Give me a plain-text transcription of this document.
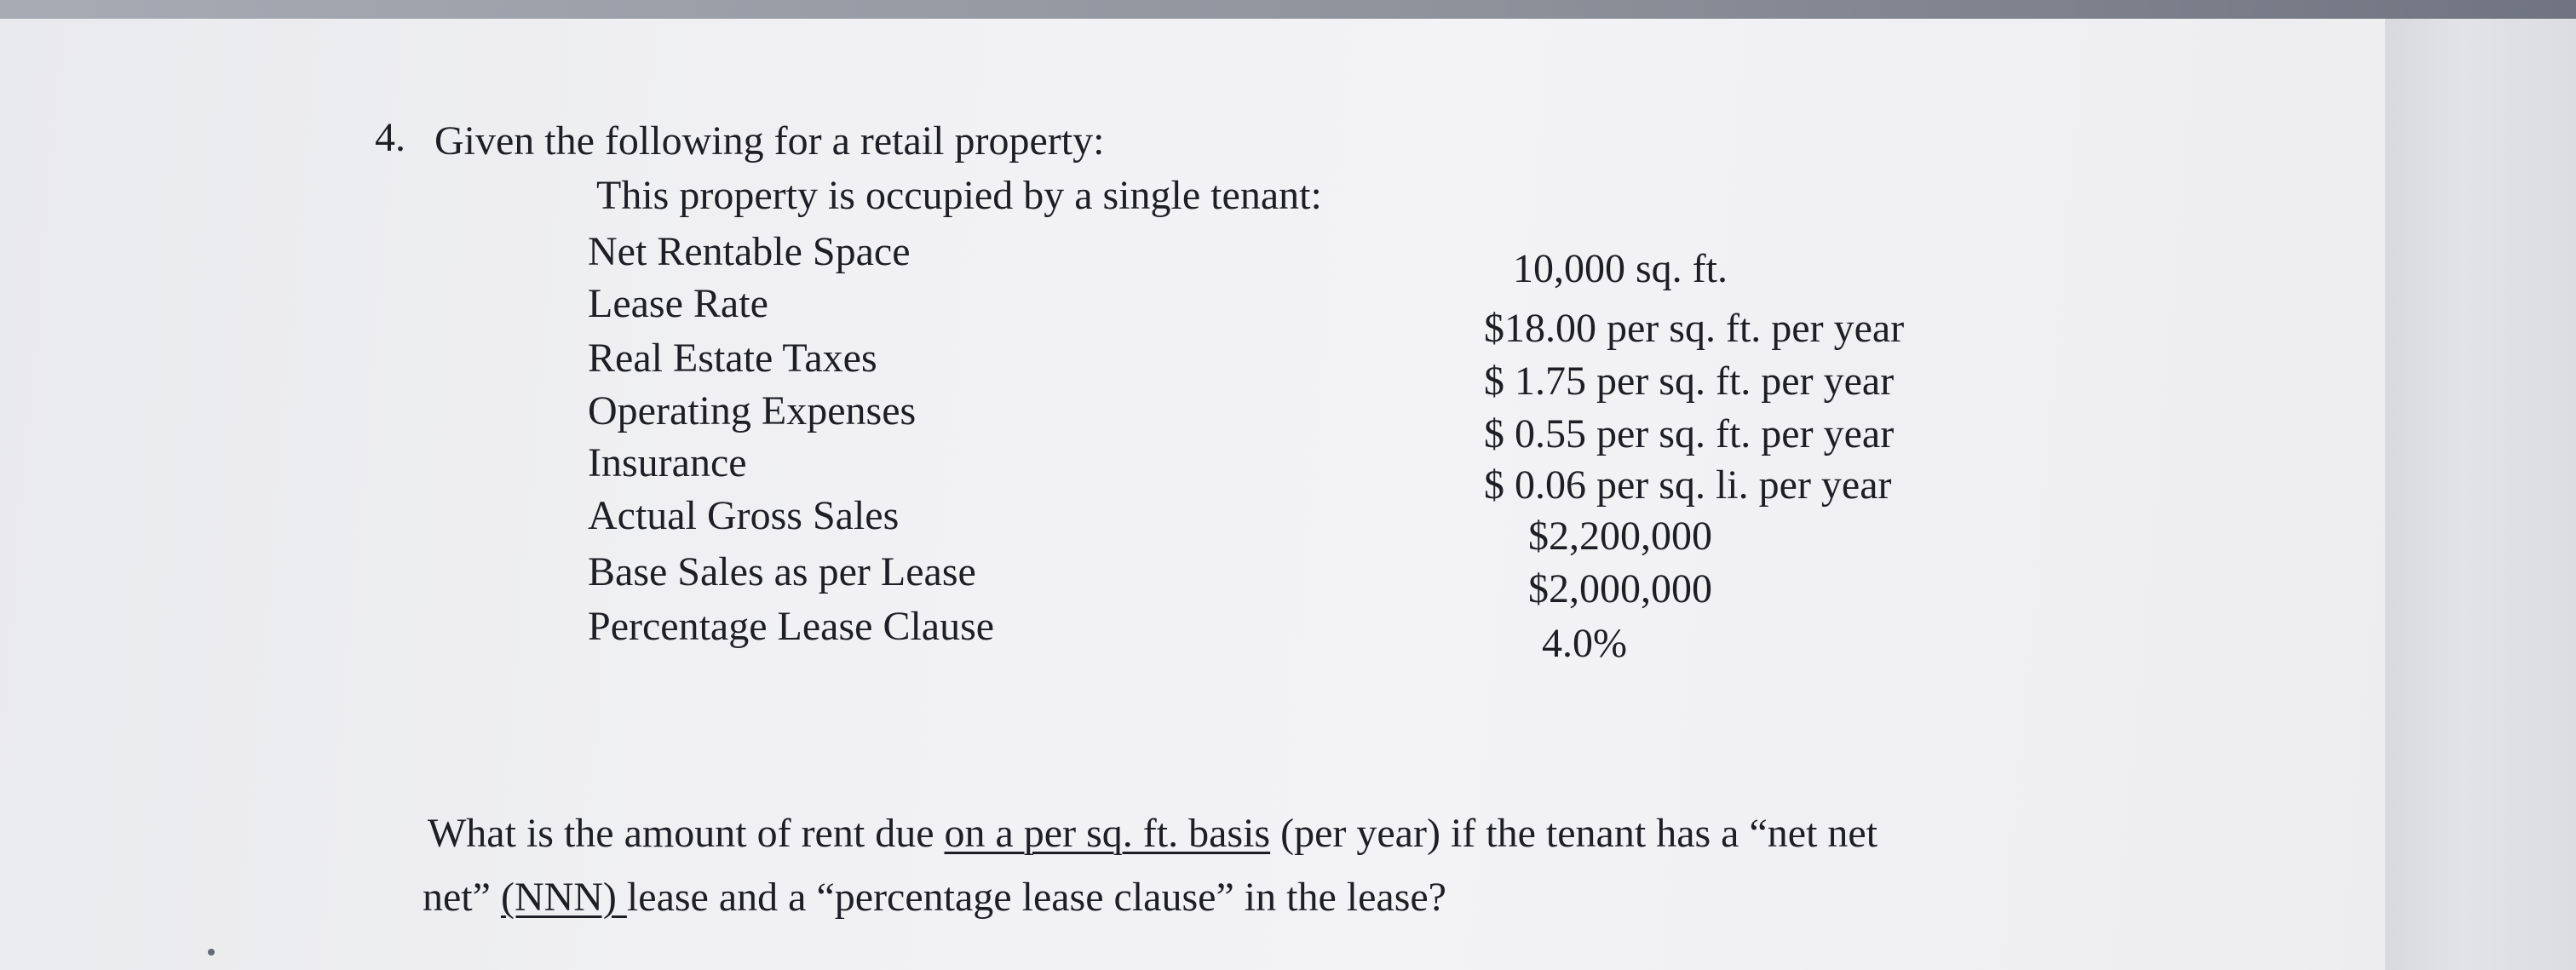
4. Given the following for a retail property:
This property is occupied by a single tenant:
Net Rentable Space
Lease Rate
Real Estate Taxes
Operating Expenses
Insurance
Actual Gross Sales
Base Sales as per Lease
Percentage Lease Clause
10,000 sq. ft.
$18.00 per sq. ft. per year
$ 1.75 per sq. ft. per year
$ 0.55 per sq. ft. per year
$ 0.06 per sq. li. per year
$2,200,000
$2,000,000
4.0%
What is the amount of rent due on a per sq. ft. basis (per year) if the tenant has a “net net
net” (NNN) lease and a “percentage lease clause” in the lease?
